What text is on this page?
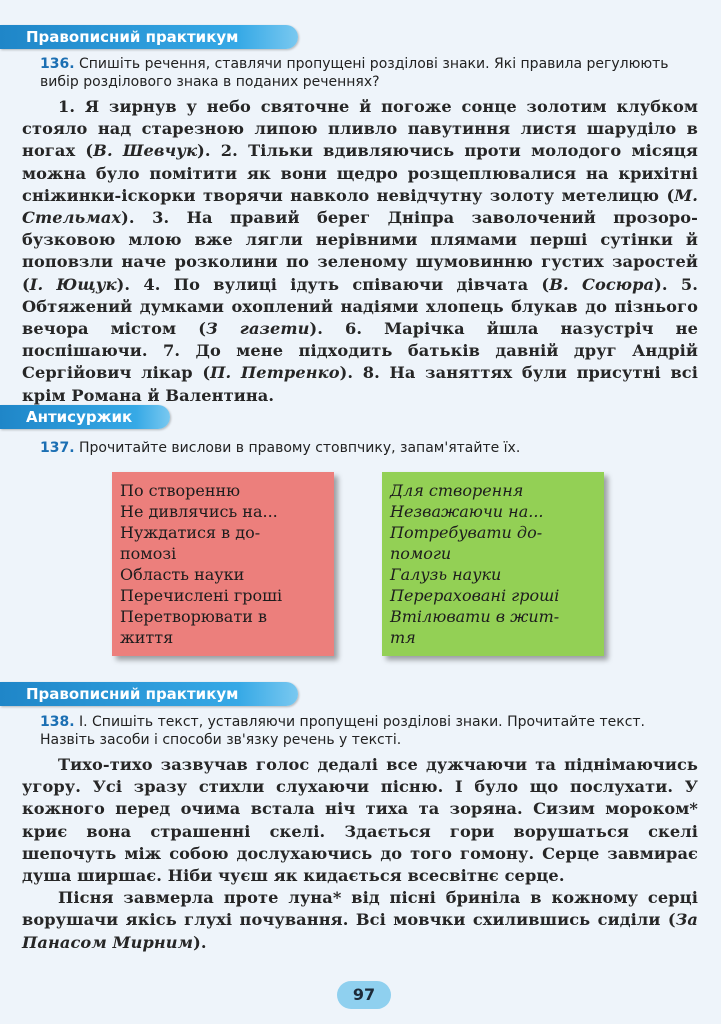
Правописний практикум
136. Спишіть речення, ставлячи пропущені розділові знаки. Які правила регулюють вибір розділового знака в поданих реченнях?

1. Я зирнув у небо святочне й погоже сонце золотим клубком стояло над старезною липою пливло павутиння листя шаруділо в ногах (В. Шевчук). 2. Тільки вдивляючись проти молодого місяця можна було помітити як вони щедро розщеплювалися на крихітні сніжинки-іскорки творячи навколо невідчутну золоту метелицю (М. Стельмах). 3. На правий берег Дніпра заволочений прозоро-бузковою млою вже лягли нерівними плямами перші сутінки й поповзли наче розколини по зеленому шумовинню густих заростей (І. Ющук). 4. По вулиці ідуть співаючи дівчата (В. Сосюра). 5. Обтяжений думками охоплений надіями хлопець блукав до пізнього вечора містом (З газети). 6. Марічка йшла назустріч не поспішаючи. 7. До мене підходить батьків давній друг Андрій Сергійович лікар (П. Петренко). 8. На заняттях були присутні всі крім Романа й Валентина.

Антисуржик
137. Прочитайте вислови в правому стовпчику, запам'ятайте їх.
По створенню
Не дивлячись на...
Нуждатися в до-
помозі
Область науки
Перечислені гроші
Перетворювати в
життя
Для створення
Незважаючи на...
Потребувати до-
помоги
Галузь науки
Перераховані гроші
Втілювати в жит-
тя
Правописний практикум
138. І. Спишіть текст, уставляючи пропущені розділові знаки. Прочитайте текст. Назвіть засоби і способи зв'язку речень у тексті.

Тихо-тихо зазвучав голос дедалі все дужчаючи та піднімаючись угору. Усі зразу стихли слухаючи пісню. І було що послухати. У кожного перед очима встала ніч тиха та зоряна. Сизим мороком* криє вона страшенні скелі. Здається гори ворушаться скелі шепочуть між собою дослухаючись до того гомону. Серце завмирає душа ширшає. Ніби чуєш як кидається всесвітнє серце.

Пісня завмерла проте луна* від пісні бриніла в кожному серці ворушачи якісь глухі почування. Всі мовчки схилившись сиділи (За Панасом Мирним).

97
